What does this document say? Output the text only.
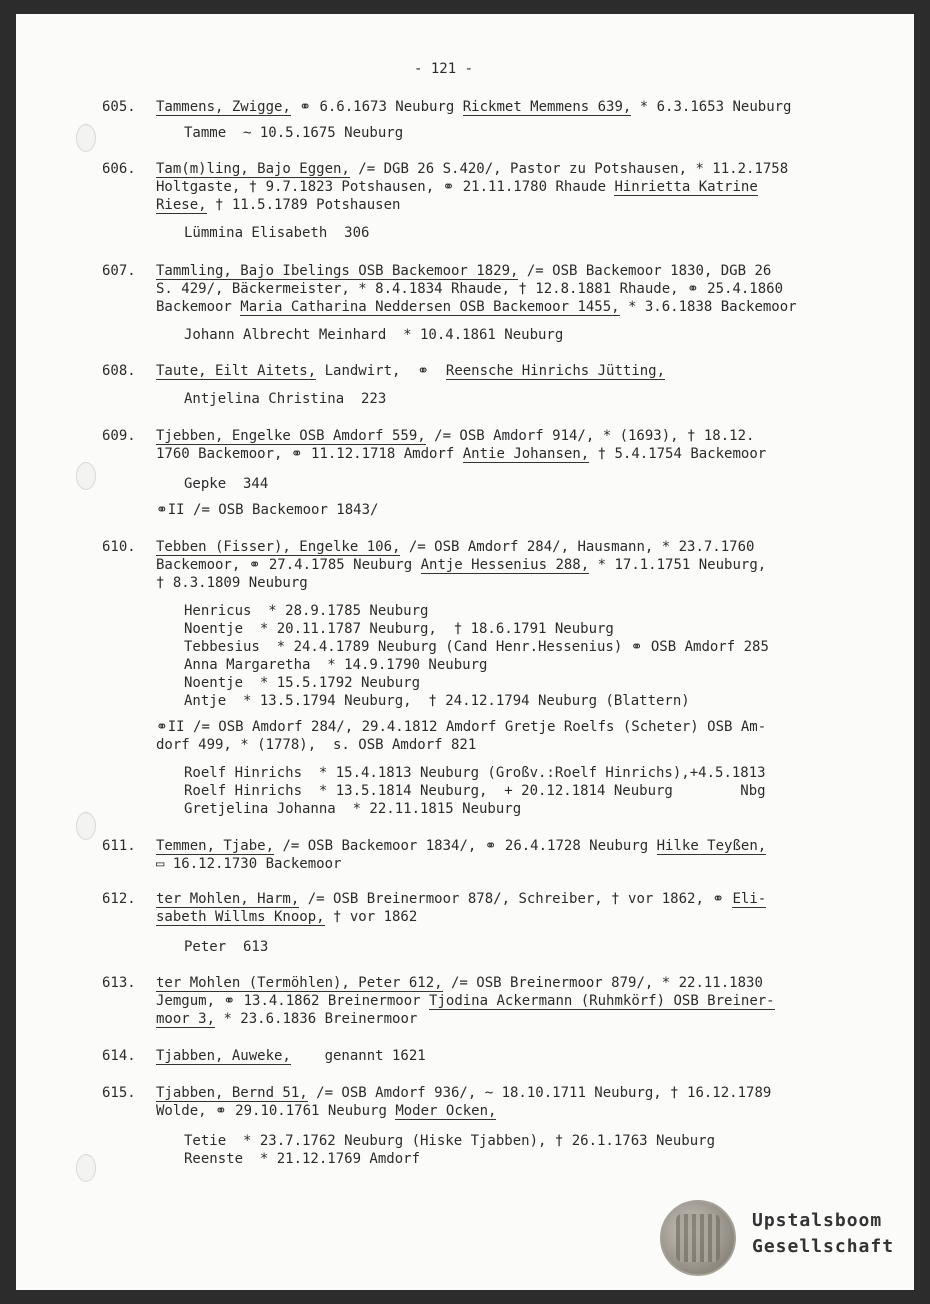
- 121 -
605. Tammens, Zwigge, ⚭ 6.6.1673 Neuburg Rickmet Memmens 639, * 6.3.1653 Neuburg
Tamme  ~ 10.5.1675 Neuburg
606. Tam(m)ling, Bajo Eggen, /= DGB 26 S.420/, Pastor zu Potshausen, * 11.2.1758
Holtgaste, † 9.7.1823 Potshausen, ⚭ 21.11.1780 Rhaude Hinrietta Katrine
Riese, † 11.5.1789 Potshausen
Lümmina Elisabeth  306
607. Tammling, Bajo Ibelings OSB Backemoor 1829, /= OSB Backemoor 1830, DGB 26
S. 429/, Bäckermeister, * 8.4.1834 Rhaude, † 12.8.1881 Rhaude, ⚭ 25.4.1860
Backemoor Maria Catharina Neddersen OSB Backemoor 1455, * 3.6.1838 Backemoor
Johann Albrecht Meinhard  * 10.4.1861 Neuburg
608. Taute, Eilt Aitets, Landwirt,  ⚭  Reensche Hinrichs Jütting,
Antjelina Christina  223
609. Tjebben, Engelke OSB Amdorf 559, /= OSB Amdorf 914/, * (1693), † 18.12.
1760 Backemoor, ⚭ 11.12.1718 Amdorf Antie Johansen, † 5.4.1754 Backemoor
Gepke  344
⚭II /= OSB Backemoor 1843/
610. Tebben (Fisser), Engelke 106, /= OSB Amdorf 284/, Hausmann, * 23.7.1760
Backemoor, ⚭ 27.4.1785 Neuburg Antje Hessenius 288, * 17.1.1751 Neuburg,
† 8.3.1809 Neuburg
Henricus  * 28.9.1785 Neuburg
Noentje  * 20.11.1787 Neuburg,  † 18.6.1791 Neuburg
Tebbesius  * 24.4.1789 Neuburg (Cand Henr.Hessenius) ⚭ OSB Amdorf 285
Anna Margaretha  * 14.9.1790 Neuburg
Noentje  * 15.5.1792 Neuburg
Antje  * 13.5.1794 Neuburg,  † 24.12.1794 Neuburg (Blattern)
⚭II /= OSB Amdorf 284/, 29.4.1812 Amdorf Gretje Roelfs (Scheter) OSB Am-
dorf 499, * (1778),  s. OSB Amdorf 821
Roelf Hinrichs  * 15.4.1813 Neuburg (Großv.:Roelf Hinrichs),+4.5.1813
Roelf Hinrichs  * 13.5.1814 Neuburg,  + 20.12.1814 Neuburg        Nbg
Gretjelina Johanna  * 22.11.1815 Neuburg
611. Temmen, Tjabe, /= OSB Backemoor 1834/, ⚭ 26.4.1728 Neuburg Hilke Teyßen,
▭ 16.12.1730 Backemoor
612. ter Mohlen, Harm, /= OSB Breinermoor 878/, Schreiber, † vor 1862, ⚭ Eli-
sabeth Willms Knoop, † vor 1862
Peter  613
613. ter Mohlen (Termöhlen), Peter 612, /= OSB Breinermoor 879/, * 22.11.1830
Jemgum, ⚭ 13.4.1862 Breinermoor Tjodina Ackermann (Ruhmkörf) OSB Breiner-
moor 3, * 23.6.1836 Breinermoor
614. Tjabben, Auweke,    genannt 1621
615. Tjabben, Bernd 51, /= OSB Amdorf 936/, ~ 18.10.1711 Neuburg, † 16.12.1789
Wolde, ⚭ 29.10.1761 Neuburg Moder Ocken,
Tetie  * 23.7.1762 Neuburg (Hiske Tjabben), † 26.1.1763 Neuburg
Reenste  * 21.12.1769 Amdorf
Upstalsboom
Gesellschaft
